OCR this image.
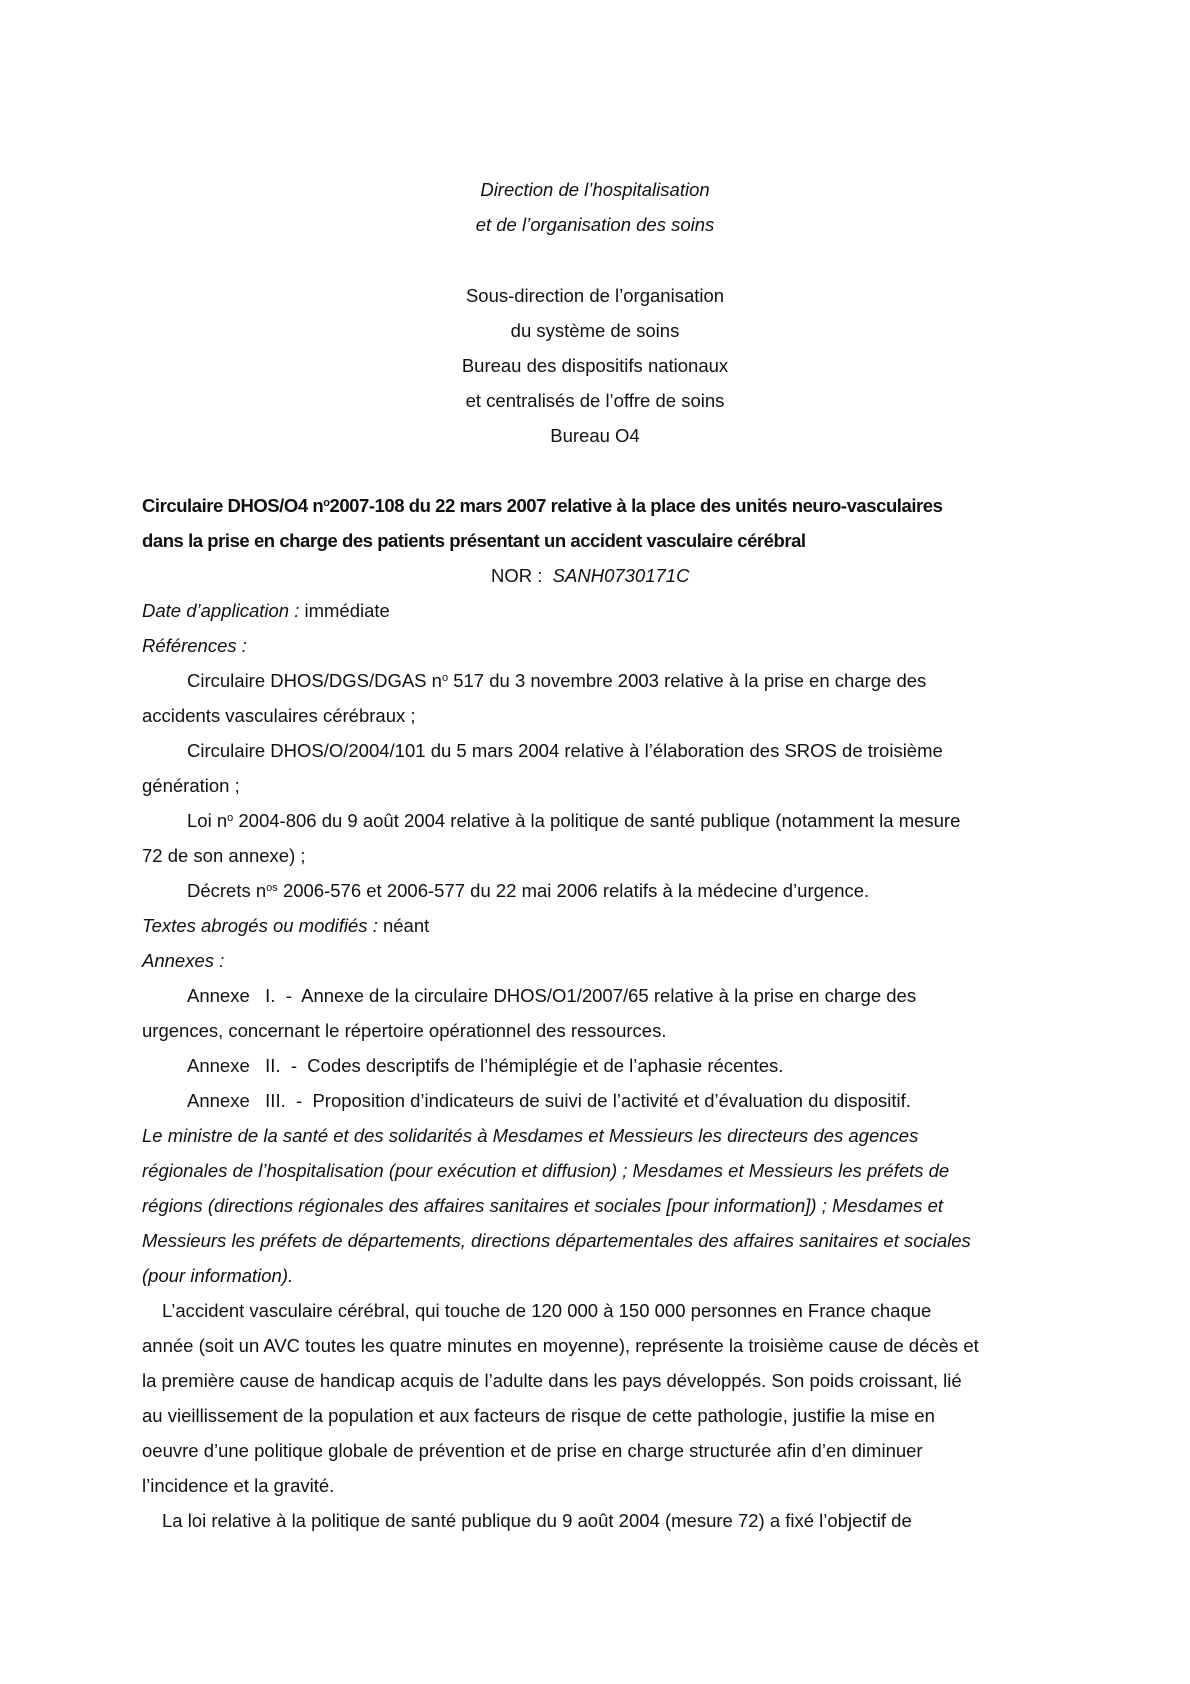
Direction de l’hospitalisation
et de l’organisation des soins
Sous-direction de l’organisation
du système de soins
Bureau des dispositifs nationaux
et centralisés de l’offre de soins
Bureau O4
Circulaire DHOS/O4 $n^o2007-108$ du 22 mars 2007 relative à la place des unités neuro-vasculaires
dans la prise en charge des patients présentant un accident vasculaire cérébral
NOR : SANH0730171C
Date d’application : immédiate
Références :
Circulaire DHOS/DGS/DGAS $n^o$ 517 du 3 novembre 2003 relative à la prise en charge des
accidents vasculaires cérébraux ;
Circulaire DHOS/O/2004/101 du 5 mars 2004 relative à l’élaboration des SROS de troisième
génération ;
Loi $n^o$ 2004-806 du 9 août 2004 relative à la politique de santé publique (notamment la mesure
72 de son annexe) ;
Décrets $n^{os}$ 2006-576 et 2006-577 du 22 mai 2006 relatifs à la médecine d’urgence.
Textes abrogés ou modifiés : néant
Annexes :
Annexe   I.  -  Annexe de la circulaire DHOS/O1/2007/65 relative à la prise en charge des
urgences, concernant le répertoire opérationnel des ressources.
Annexe   II.  -  Codes descriptifs de l’hémiplégie et de l’aphasie récentes.
Annexe   III.  -  Proposition d’indicateurs de suivi de l’activité et d’évaluation du dispositif.
Le ministre de la santé et des solidarités à Mesdames et Messieurs les directeurs des agences
régionales de l’hospitalisation (pour exécution et diffusion) ; Mesdames et Messieurs les préfets de
régions (directions régionales des affaires sanitaires et sociales [pour information]) ; Mesdames et
Messieurs les préfets de départements, directions départementales des affaires sanitaires et sociales
(pour information).
L’accident vasculaire cérébral, qui touche de 120 000 à 150 000 personnes en France chaque
année (soit un AVC toutes les quatre minutes en moyenne), représente la troisième cause de décès et
la première cause de handicap acquis de l’adulte dans les pays développés. Son poids croissant, lié
au vieillissement de la population et aux facteurs de risque de cette pathologie, justifie la mise en
oeuvre d’une politique globale de prévention et de prise en charge structurée afin d’en diminuer
l’incidence et la gravité.
La loi relative à la politique de santé publique du 9 août 2004 (mesure 72) a fixé l’objectif de
